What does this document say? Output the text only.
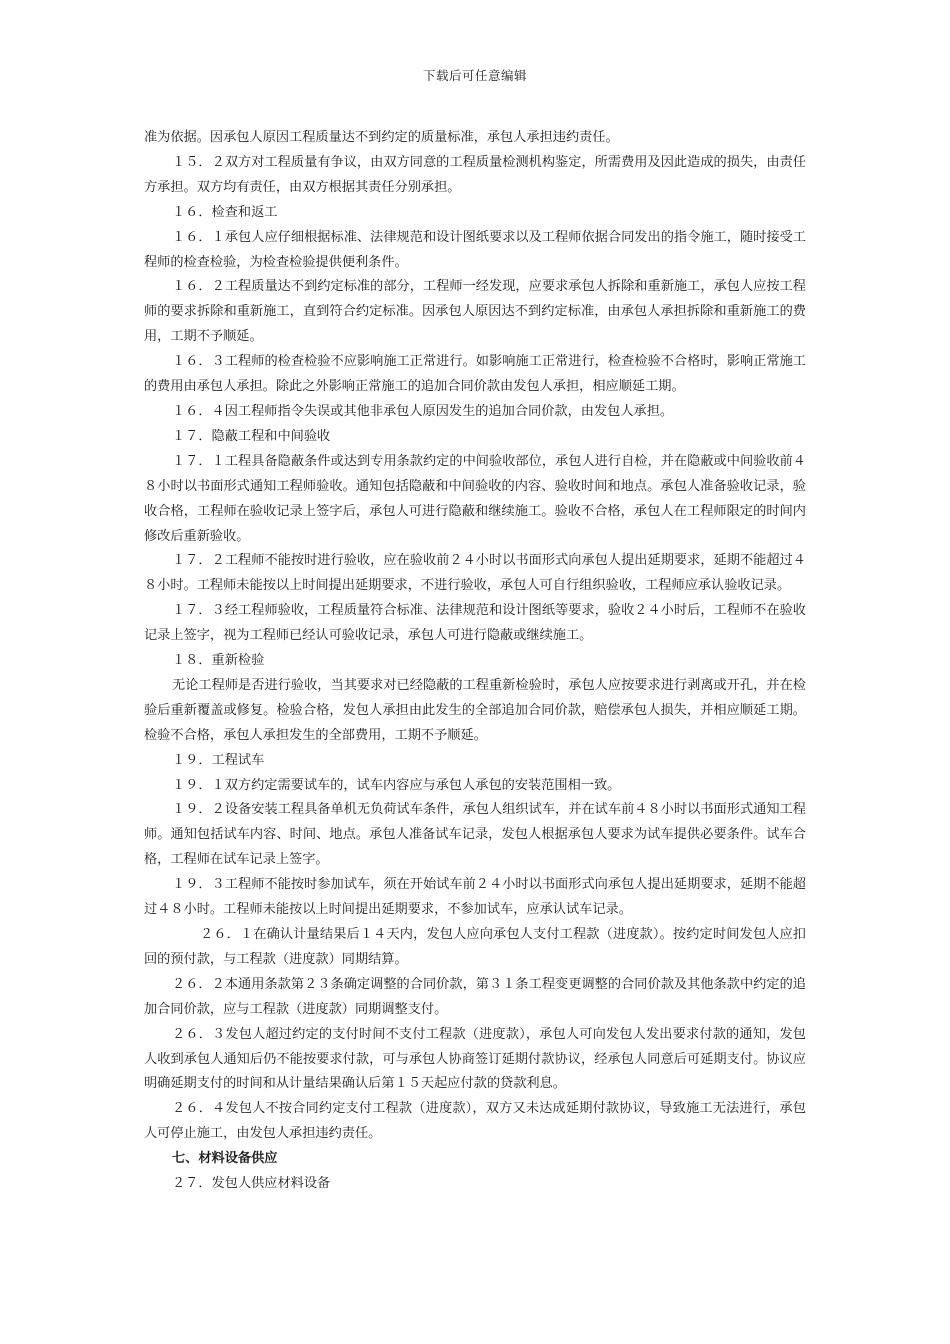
下载后可任意编辑

准为依据。因承包人原因工程质量达不到约定的质量标准，承包人承担违约责任。

１５．２双方对工程质量有争议，由双方同意的工程质量检测机构鉴定，所需费用及因此造成的损失，由责任方承担。双方均有责任，由双方根据其责任分别承担。

１６．检查和返工

１６．１承包人应仔细根据标准、法律规范和设计图纸要求以及工程师依据合同发出的指令施工，随时接受工程师的检查检验，为检查检验提供便利条件。

１６．２工程质量达不到约定标准的部分，工程师一经发现，应要求承包人拆除和重新施工，承包人应按工程师的要求拆除和重新施工，直到符合约定标准。因承包人原因达不到约定标准，由承包人承担拆除和重新施工的费用，工期不予顺延。

１６．３工程师的检查检验不应影响施工正常进行。如影响施工正常进行，检查检验不合格时，影响正常施工的费用由承包人承担。除此之外影响正常施工的追加合同价款由发包人承担，相应顺延工期。

１６．４因工程师指令失误或其他非承包人原因发生的追加合同价款，由发包人承担。

１７．隐蔽工程和中间验收

１７．１工程具备隐蔽条件或达到专用条款约定的中间验收部位，承包人进行自检，并在隐蔽或中间验收前４８小时以书面形式通知工程师验收。通知包括隐蔽和中间验收的内容、验收时间和地点。承包人准备验收记录，验收合格，工程师在验收记录上签字后，承包人可进行隐蔽和继续施工。验收不合格，承包人在工程师限定的时间内修改后重新验收。

１７．２工程师不能按时进行验收，应在验收前２４小时以书面形式向承包人提出延期要求，延期不能超过４８小时。工程师未能按以上时间提出延期要求，不进行验收，承包人可自行组织验收，工程师应承认验收记录。

１７．３经工程师验收，工程质量符合标准、法律规范和设计图纸等要求，验收２４小时后，工程师不在验收记录上签字，视为工程师已经认可验收记录，承包人可进行隐蔽或继续施工。

１８．重新检验

无论工程师是否进行验收，当其要求对已经隐蔽的工程重新检验时，承包人应按要求进行剥离或开孔，并在检验后重新覆盖或修复。检验合格，发包人承担由此发生的全部追加合同价款，赔偿承包人损失，并相应顺延工期。检验不合格，承包人承担发生的全部费用，工期不予顺延。

１９．工程试车

１９．１双方约定需要试车的，试车内容应与承包人承包的安装范围相一致。

１９．２设备安装工程具备单机无负荷试车条件，承包人组织试车，并在试车前４８小时以书面形式通知工程师。通知包括试车内容、时间、地点。承包人准备试车记录，发包人根据承包人要求为试车提供必要条件。试车合格，工程师在试车记录上签字。

１９．３工程师不能按时参加试车，须在开始试车前２４小时以书面形式向承包人提出延期要求，延期不能超过４８小时。工程师未能按以上时间提出延期要求，不参加试车，应承认试车记录。

２６．１在确认计量结果后１４天内，发包人应向承包人支付工程款（进度款）。按约定时间发包人应扣回的预付款，与工程款（进度款）同期结算。

２６．２本通用条款第２３条确定调整的合同价款，第３１条工程变更调整的合同价款及其他条款中约定的追加合同价款，应与工程款（进度款）同期调整支付。

２６．３发包人超过约定的支付时间不支付工程款（进度款），承包人可向发包人发出要求付款的通知，发包人收到承包人通知后仍不能按要求付款，可与承包人协商签订延期付款协议，经承包人同意后可延期支付。协议应明确延期支付的时间和从计量结果确认后第１５天起应付款的贷款利息。

２６．４发包人不按合同约定支付工程款（进度款），双方又未达成延期付款协议，导致施工无法进行，承包人可停止施工，由发包人承担违约责任。

七、材料设备供应

２７．发包人供应材料设备
